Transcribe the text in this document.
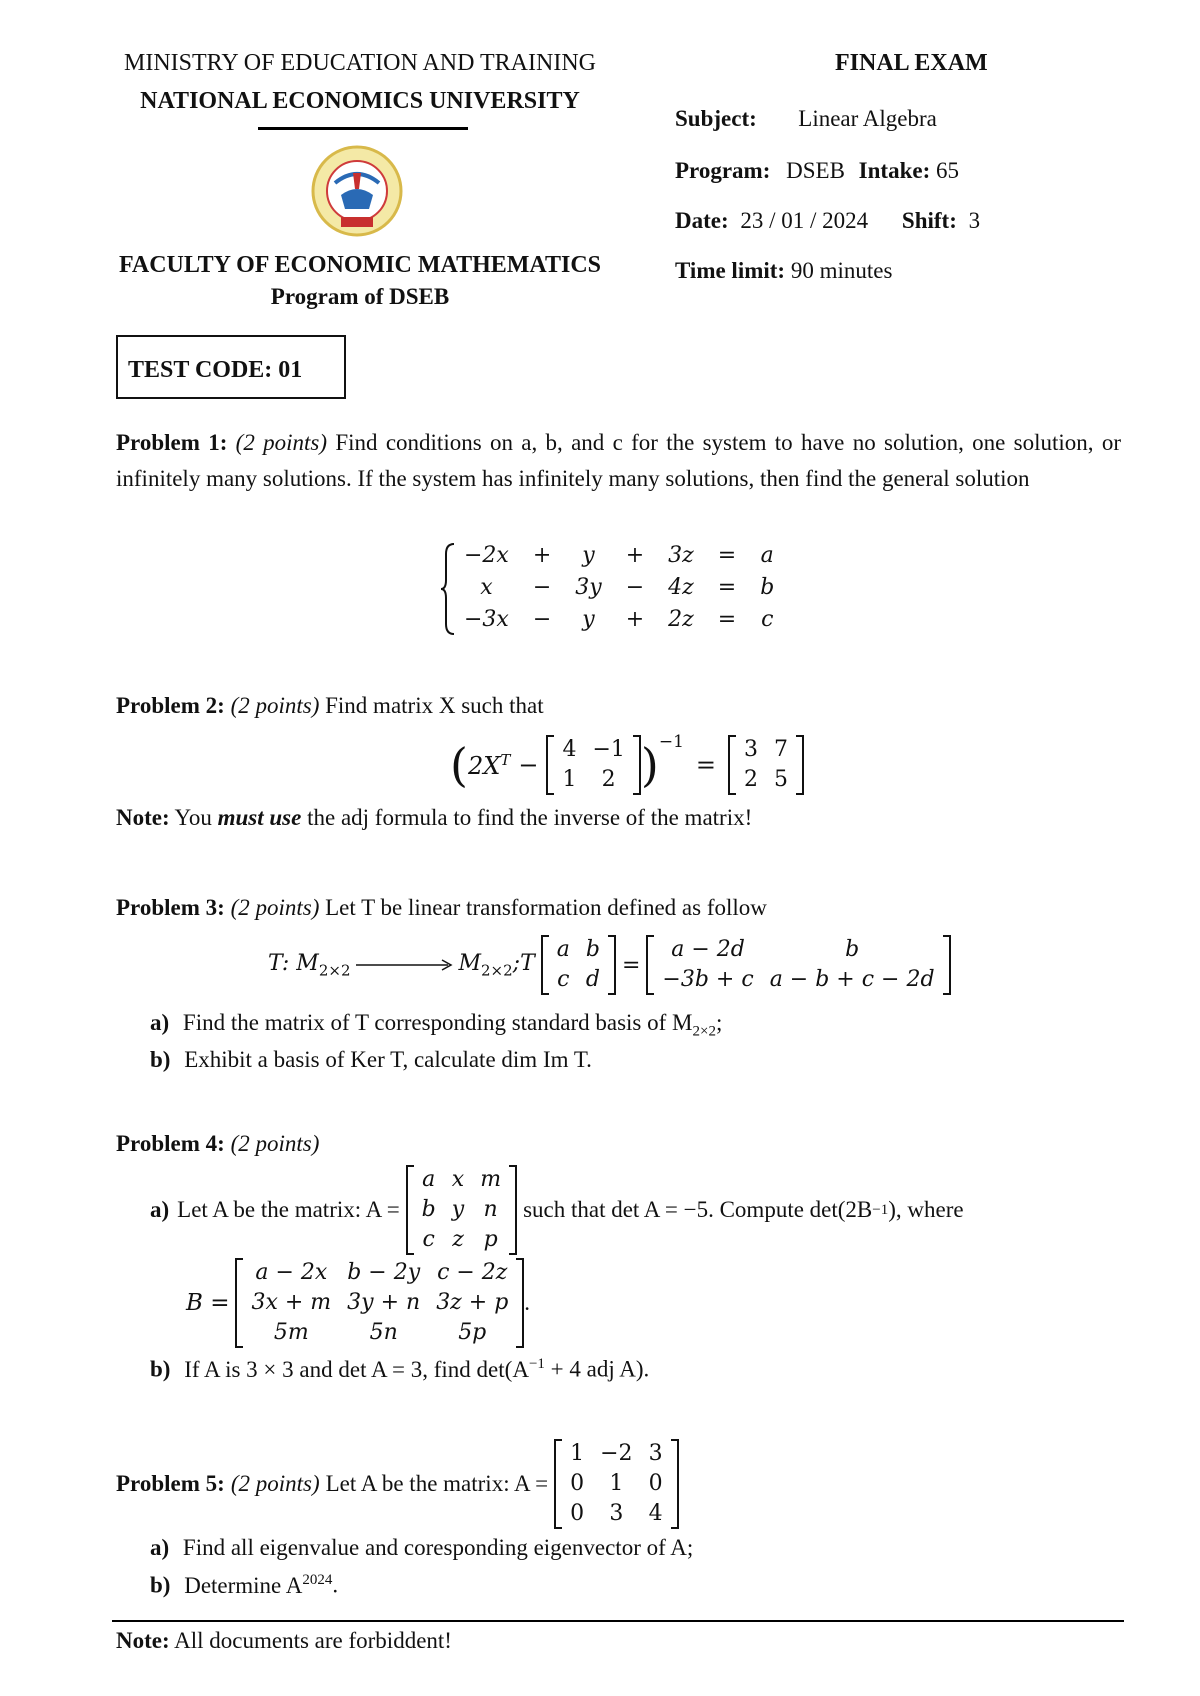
MINISTRY OF EDUCATION AND TRAINING
NATIONAL ECONOMICS UNIVERSITY
FACULTY OF ECONOMIC MATHEMATICS
Program of DSEB
FINAL EXAM
Subject: Linear Algebra
Program: DSEB Intake: 65
Date: 23 / 01 / 2024 Shift: 3
Time limit: 90 minutes
TEST CODE: 01
Problem 1: (2 points) Find conditions on a, b, and c for the system to have no solution, one solution, or infinitely many solutions. If the system has infinitely many solutions, then find the general solution
−2x	+	y	+	3z	=	a
x	−	3y	−	4z	=	b
−3x	−	y	+	2z	=	c
Problem 2: (2 points) Find matrix X such that
( $2X^T$ −
4	−1
1	2 )$^{-1}$
=
3	7
2	5
Note: You must use the adj formula to find the inverse of the matrix!
Problem 3: (2 points) Let T be linear transformation defined as follow
T: $M_{2\times 2}$	$M_{2\times 2};T$
a	b
c	d
=
a − 2d	b
−3b + c	a − b + c − 2d
a) Find the matrix of T corresponding standard basis of $M_{2\times 2}$;
b) Exhibit a basis of Ker T, calculate dim Im T.
Problem 4: (2 points)
a) Let A be the matrix: A =
a	x	m
b	y	n
c	z	p
such that det A = −5. Compute det(2B −1 ), where
B =
a − 2x	b − 2y	c − 2z
3x + m	3y + n	3z + p
5m	5n	5p
.
b) If A is 3 × 3 and det A = 3, find $\det(A^{-1} + 4$ adj A).
Problem 5: (2 points) Let A be the matrix: A =
1	−2	3
0	1	0
0	3	4
a) Find all eigenvalue and coresponding eigenvector of A;
b) Determine $A^{2024}$.
Note: All documents are forbiddent!
